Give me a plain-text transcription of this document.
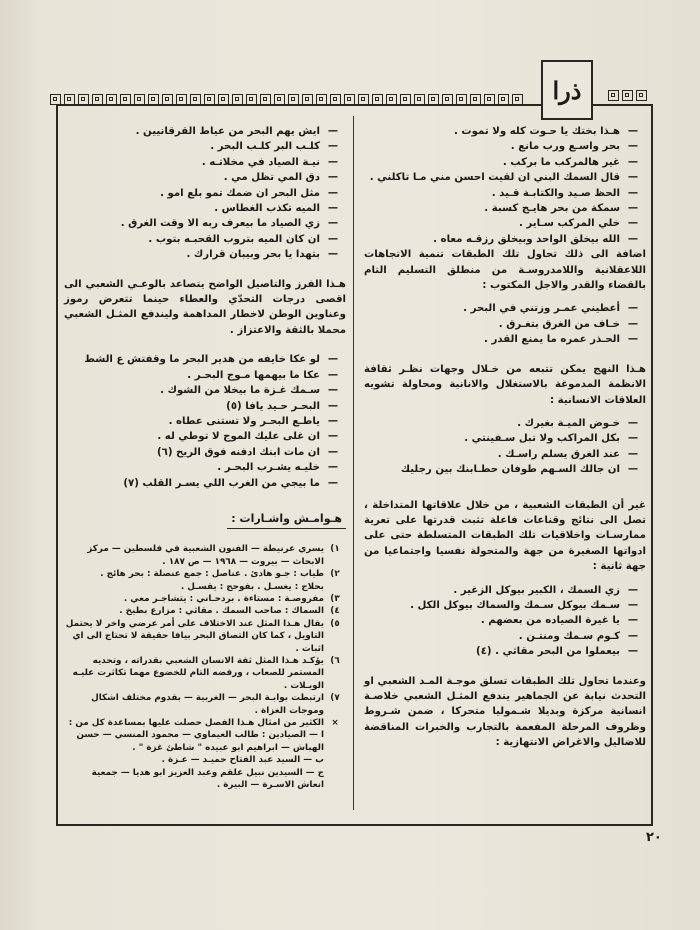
ذرا
—
هـذا بختك يا حـوت كله ولا تموت .
—
بحر واسـع ورب مانع .
—
غير هالمركب ما بركب .
—
قال السمك البني ان لقيت احسن مني مـا تاكلني .
—
الحظ صـيد والكتابـة قـيد .
—
سمكة من بحر هايـج كسبة .
—
خلي المركب سـاير .
—
الله بيخلق الواحد وبيخلق رزقـه معاه .

اضافة الى ذلك تحاول تلك الطبقات تنمية الاتجاهات اللاعقلانية واللامدروسـة من منطلق التسليم التام بالقضاء والقدر والاجل المكتوب :

—
أعطيني عمـر وزتني في البحر .
—
خـاف من الغرق بتغـرق .
—
الحـذر عمره ما يمنع القدر .

هـذا النهج يمكن تتبعه من خـلال وجهات نظـر ثقافة الانظمة المدموغة بالاستغلال والانانية ومحاولة تشويه العلاقات الانسانية :

—
خـوض الميـة بغيرك .
—
بكل المراكب ولا تبل سـفينتي .
—
عند الغرق يسلم راسـك .
—
ان جالك السـهم طوفان حطـابنك بين رجليك

غير أن الطبقات الشعبية ، من خلال علاقاتها المتداخلة ، تصل الى نتائج وقناعات فاعلة تثبت قدرتها على تعرية ممارسـات واخلاقيات تلك الطبقات المتسلطة حتى على ادواتها الصغيرة من جهة والمتحولة نفسيا واجتماعيا من جهة ثانية :

—
زي السمك ، الكبير بيوكل الزغير .
—
سـمك بيوكل سـمك والسماك بيوكل الكل .
—
يا غيرة الصياده من بعضهم .
—
كـوم سـمك ومنتـن .
—
بيعملوا من البحر مقاثي . (٤)

وعندما تحاول تلك الطبقات تسلق موجـة المـد الشعبي او التحدث نيابة عن الجماهير يندفع المثـل الشعبي خلاصـة انسانية مركزة وبديلا شـموليا متحركا ، ضمن شـروط وظروف المرحلة المفعمة بالتجارب والخبرات المناقضة للاضاليل والاغراض الانتهازية :

—
ايش يهم البحر من عياط القرقانيين .
—
كلـب البر كلـب البحر .
—
نيـة الصياد في مخلاتـه .
—
دق المي تظل مي .
—
مثل البحر ان ضمك تمو بلع امو .
—
الميه تكذب الغطاس .
—
زي الصياد ما بيعرف ربه الا وقت الغرق .
—
ان كان الميه بتروب القحبـه بتوب .
—
بتهدا يا بحر وبيبان قرارك .

هـذا الفرز والتاصيل الواضح يتصاعد بالوعـي الشعبي الى اقصى درجات التحدّي والعطاء حينما تتعرض رموز وعناوين الوطن لاخطار المداهمة وليندفع المثـل الشعبي محملا بالثقة والاعتزاز .

—
لو عكا خايفه من هدير البحر ما وقفتش ع الشط
—
عكا ما بيهمها مـوج البحـر .
—
سـمك غـزة ما بيخلا من الشوك .
—
البحـر حـيد يافا (٥)
—
ياطـع البحـر ولا تستنى عطاه .
—
ان غلى عليك الموج لا توطي له .
—
ان مات ابنك ادفنه فوق الريح (٦)
—
خليـه يشـرب البحـر .
—
ما بيجي من الغرب اللي يسـر القلب (٧)
هـوامـش واشـارات :
١)
يسري عرنيطة — الفنون الشعبية في فلسطين — مركز الابحاث — بيروت — ١٩٦٨ — ص ١٨٧ .
٢)
طياب : جـو هادئ . عناصل : جمع عنصلة : بحر هائج .
بحلاج : يغسـل . بفوحج : يقسـل .
٣)
مفروصـة : مستاءة . بردحـاني : يتشاجـر معي .
٤)
السماك : صاحب السمك . مقاثي : مزارع بطيخ .
٥)
يقال هـذا المثل عند الاختلاف على أمر عرضي واخر لا يحتمل التاويل ، كما كان التصاق البحر بيافا حقيقة لا تحتاج الى اي اثبات .
٦)
يؤكـد هـذا المثل ثقة الانسان الشعبي بقدراته ، وتحديه المستمر للصعاب ، ورفضه التام للخضوع مهما تكاثرت عليـه الويـلات .
٧)
ارتبطت بوابـة البحر — الغربية — بقدوم مختلف اشكال وموجات الغزاة .
×
الكثير من امثال هـذا الفصل حصلت عليها بمساعدة كل من :
ا — الصيادين : طالب العيماوي — محمود المنسي — حسن الهباش — ابراهيم ابو عبيده " شاطئ غزة " .
ب — السيد عبد الفتاح حميـد — عـزة .
ج — السيدين نبيل علقم وعبد العزيز ابو هديا — جمعية انعاش الاسـرة — البيرة .
٢٠
